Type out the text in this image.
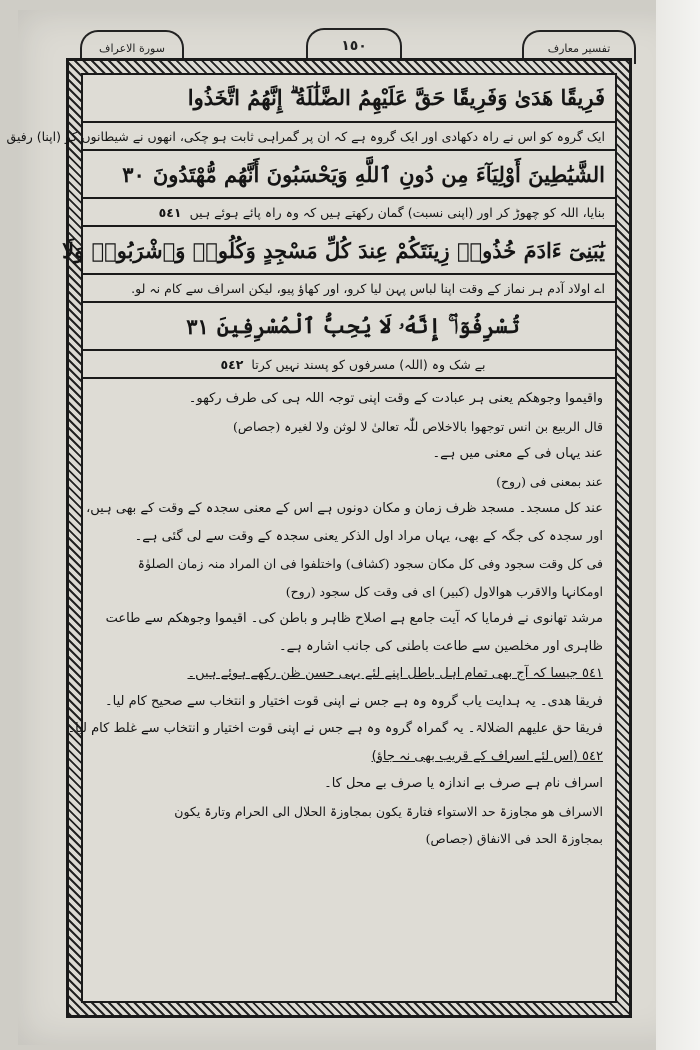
سورة الاعراف	١٥٠	تفسیر معارف
فَرِيقًا هَدَىٰ وَفَرِيقًا حَقَّ عَلَيْهِمُ الضَّلَٰلَةُ ۗ إِنَّهُمُ اتَّخَذُوا
ایک گروہ کو اس نے راہ دکھادی اور ایک گروہ ہے کہ ان پر گمراہی ثابت ہو چکی، انھوں نے شیطانوں کو (اپنا) رفیق
الشَّيَٰطِينَ أَوْلِيَآءَ مِن دُونِ ٱللَّهِ وَيَحْسَبُونَ أَنَّهُم مُّهْتَدُونَ
٣٠
بنایا، اللہ کو چھوڑ کر اور (اپنی نسبت) گمان رکھتے ہیں کہ وہ راہ پائے ہوئے ہیں
٥٤١
يَٰبَنِىٓ ءَادَمَ خُذُوا۟ زِينَتَكُمْ عِندَ كُلِّ مَسْجِدٍ وَكُلُوا۟ وَٱشْرَبُوا۟ وَلَا
اے اولاد آدم ہر نماز کے وقت اپنا لباس پہن لیا کرو، اور کھاؤ پیو، لیکن اسراف سے کام نہ لو.
تُسْرِفُوٓا۟ ۚ إِنَّهُۥ لَا يُحِبُّ ٱلْمُسْرِفِينَ
٣١
بے شک وہ (اللہ) مسرفوں کو پسند نہیں کرتا
٥٤٢

واقیموا وجوھکم یعنی ہر عبادت کے وقت اپنی توجہ اللہ ہی کی طرف رکھو۔

قال الربیع بن انس توجھوا بالاخلاص للّٰہ تعالیٰ لا لوثن ولا لغیرہ (جصاص)

عند یہاں فی کے معنی میں ہے۔

عند بمعنی فی (روح)

عند کل مسجد۔ مسجد ظرف زمان و مکان دونوں ہے اس کے معنی سجدہ کے وقت کے بھی ہیں،

اور سجدہ کی جگہ کے بھی، یہاں مراد اول الذکر یعنی سجدہ کے وقت سے لی گئی ہے۔

فی کل وقت سجود وفی کل مکان سجود (کشاف) واختلفوا فی ان المراد منہ زمان الصلوٰۃ

اومکانہا والاقرب ھوالاول (کبیر) ای فی وقت کل سجود (روح)

مرشد تھانوی نے فرمایا کہ آیت جامع ہے اصلاح ظاہر و باطن کی۔ اقیموا وجوھکم سے طاعت

ظاہری اور مخلصین سے طاعت باطنی کی جانب اشارہ ہے۔

٥٤١ جیسا کہ آج بھی تمام اہل باطل اپنے لئے یہی حسن ظن رکھے ہوئے ہیں۔

فریقا ھدی۔ یہ ہدایت یاب گروہ وہ ہے جس نے اپنی قوت اختیار و انتخاب سے صحیح کام لیا۔

فریقا حق علیھم الضلالۃ۔ یہ گمراہ گروہ وہ ہے جس نے اپنی قوت اختیار و انتخاب سے غلط کام لیا۔

٥٤٢ (اس لئے اسراف کے قریب بھی نہ جاؤ)

اسراف نام ہے صرف بے اندازہ یا صرف بے محل کا۔

الاسراف ھو مجاوزۃ حد الاستواء فتارۃ یکون بمجاوزۃ الحلال الی الحرام وتارۃ یکون

بمجاوزۃ الحد فی الانفاق (جصاص)
